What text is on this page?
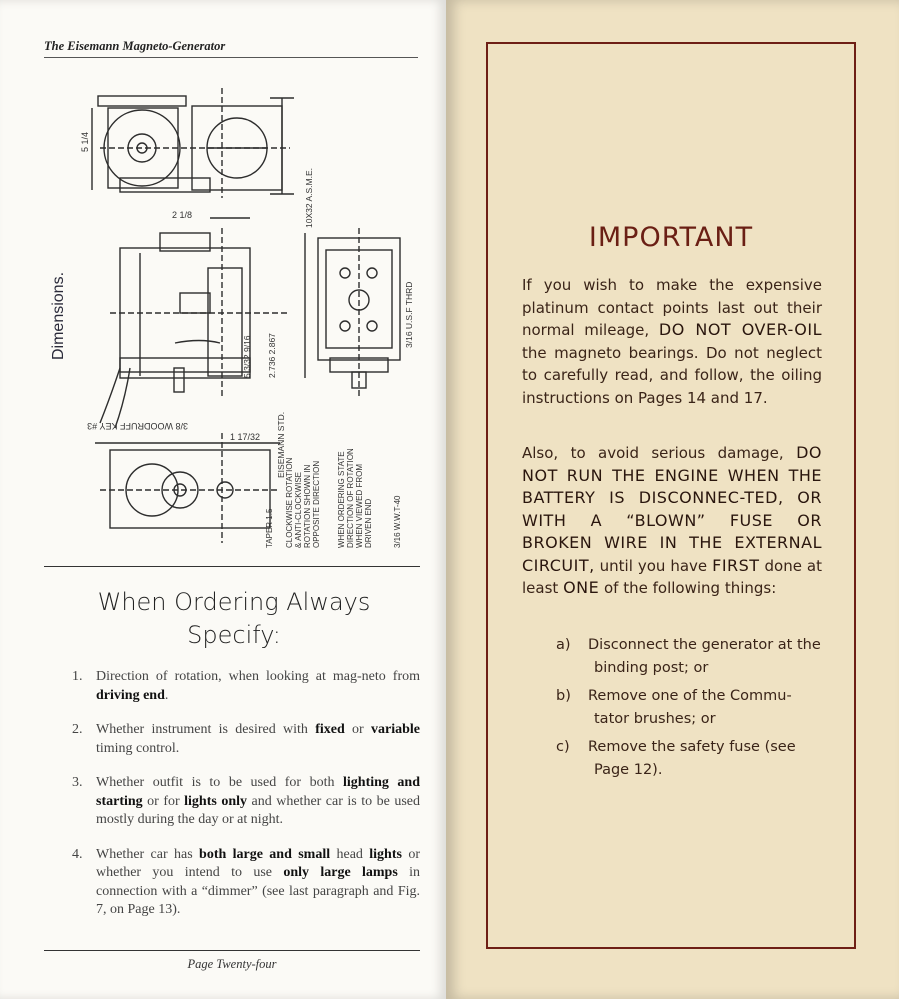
The Eisemann Magneto-Generator
Dimensions.
5 1/4
2 1/8
5 3/32 9/16 2.736 2.867
10X32 A.S.M.E.
EISEMANN STD.
3/16 U.S.F THRD
3/8 WOODRUFF KEY #3
1 17/32
TAPER 1.5 CLOCKWISE ROTATION & ANTI-CLOCKWISE ROTATION SHOWN IN OPPOSITE DIRECTION WHEN ORDERING STATE DIRECTION OF ROTATION WHEN VIEWED FROM DRIVEN END	3/16 W.W.T-40
When Ordering Always
Specify:
1. Direction of rotation, when looking at mag-neto from driving end.
2. Whether instrument is desired with fixed or variable timing control.
3. Whether outfit is to be used for both lighting and starting or for lights only and whether car is to be used mostly during the day or at night.
4. Whether car has both large and small head lights or whether you intend to use only large lamps in connection with a “dimmer” (see last paragraph and Fig. 7, on Page 13).
Page Twenty-four
IMPORTANT

If you wish to make the expensive platinum contact points last out their normal mileage, DO NOT OVER-OIL the magneto bearings. Do not neglect to carefully read, and follow, the oiling instructions on Pages 14 and 17.

Also, to avoid serious damage, DO NOT RUN THE ENGINE WHEN THE BATTERY IS DISCONNEC-TED, OR WITH A “BLOWN” FUSE OR BROKEN WIRE IN THE EXTERNAL CIRCUIT, until you have FIRST done at least ONE of the following things:

a) Disconnect the generator at the
binding post; or
b) Remove one of the Commu-
tator brushes; or
c) Remove the safety fuse (see
Page 12).
